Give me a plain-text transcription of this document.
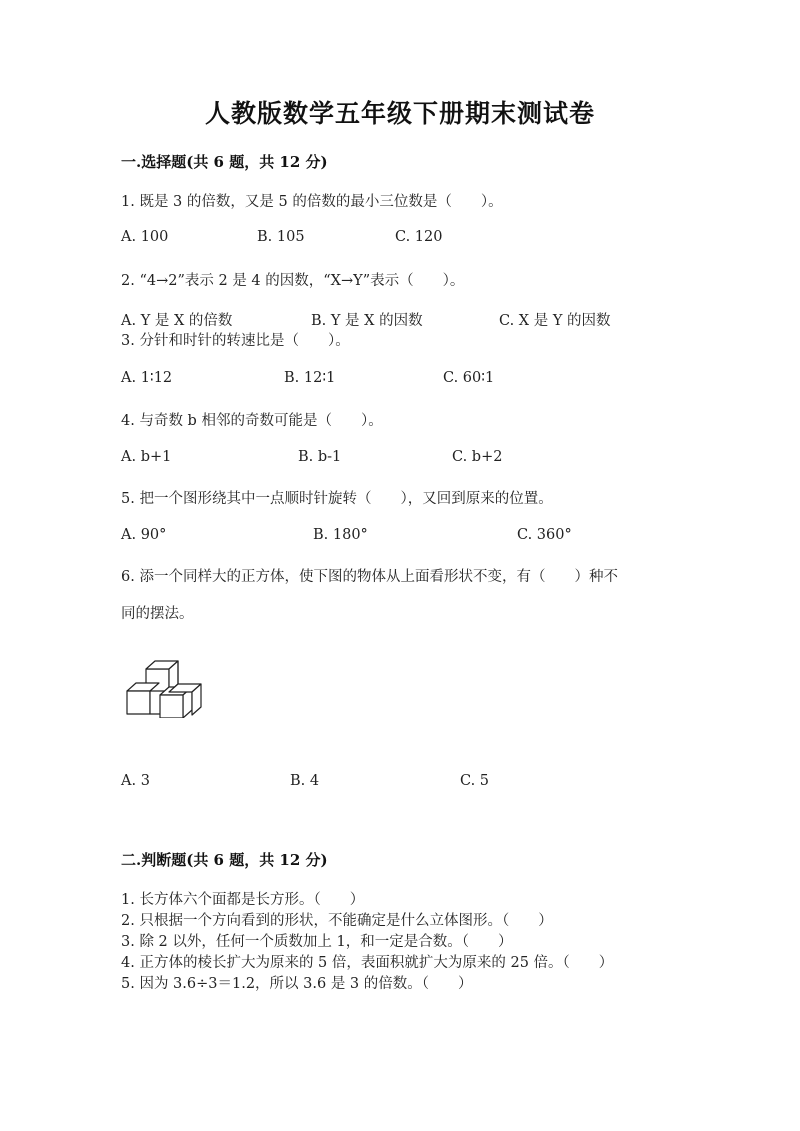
人教版数学五年级下册期末测试卷
一.选择题(共 6 题，共 12 分)
1. 既是 3 的倍数，又是 5 的倍数的最小三位数是（　　）。
A. 100	B. 105	C. 120
2. “4→2”表示 2 是 4 的因数，“X→Y”表示（　　）。
A. Y 是 X 的倍数	B. Y 是 X 的因数	C. X 是 Y 的因数
3. 分针和时针的转速比是（　　）。
A. 1∶12	B. 12∶1	C. 60∶1
4. 与奇数 b 相邻的奇数可能是（　　）。
A. b+1	B. b-1	C. b+2
5. 把一个图形绕其中一点顺时针旋转（　　），又回到原来的位置。
A. 90°	B. 180°	C. 360°
6. 添一个同样大的正方体，使下图的物体从上面看形状不变，有（　　）种不
同的摆法。
A. 3	B. 4	C. 5
二.判断题(共 6 题，共 12 分)
1. 长方体六个面都是长方形。（　　）
2. 只根据一个方向看到的形状，不能确定是什么立体图形。（　　）
3. 除 2 以外，任何一个质数加上 1，和一定是合数。（　　）
4. 正方体的棱长扩大为原来的 5 倍，表面积就扩大为原来的 25 倍。（　　）
5. 因为 3.6÷3＝1.2，所以 3.6 是 3 的倍数。（　　）
